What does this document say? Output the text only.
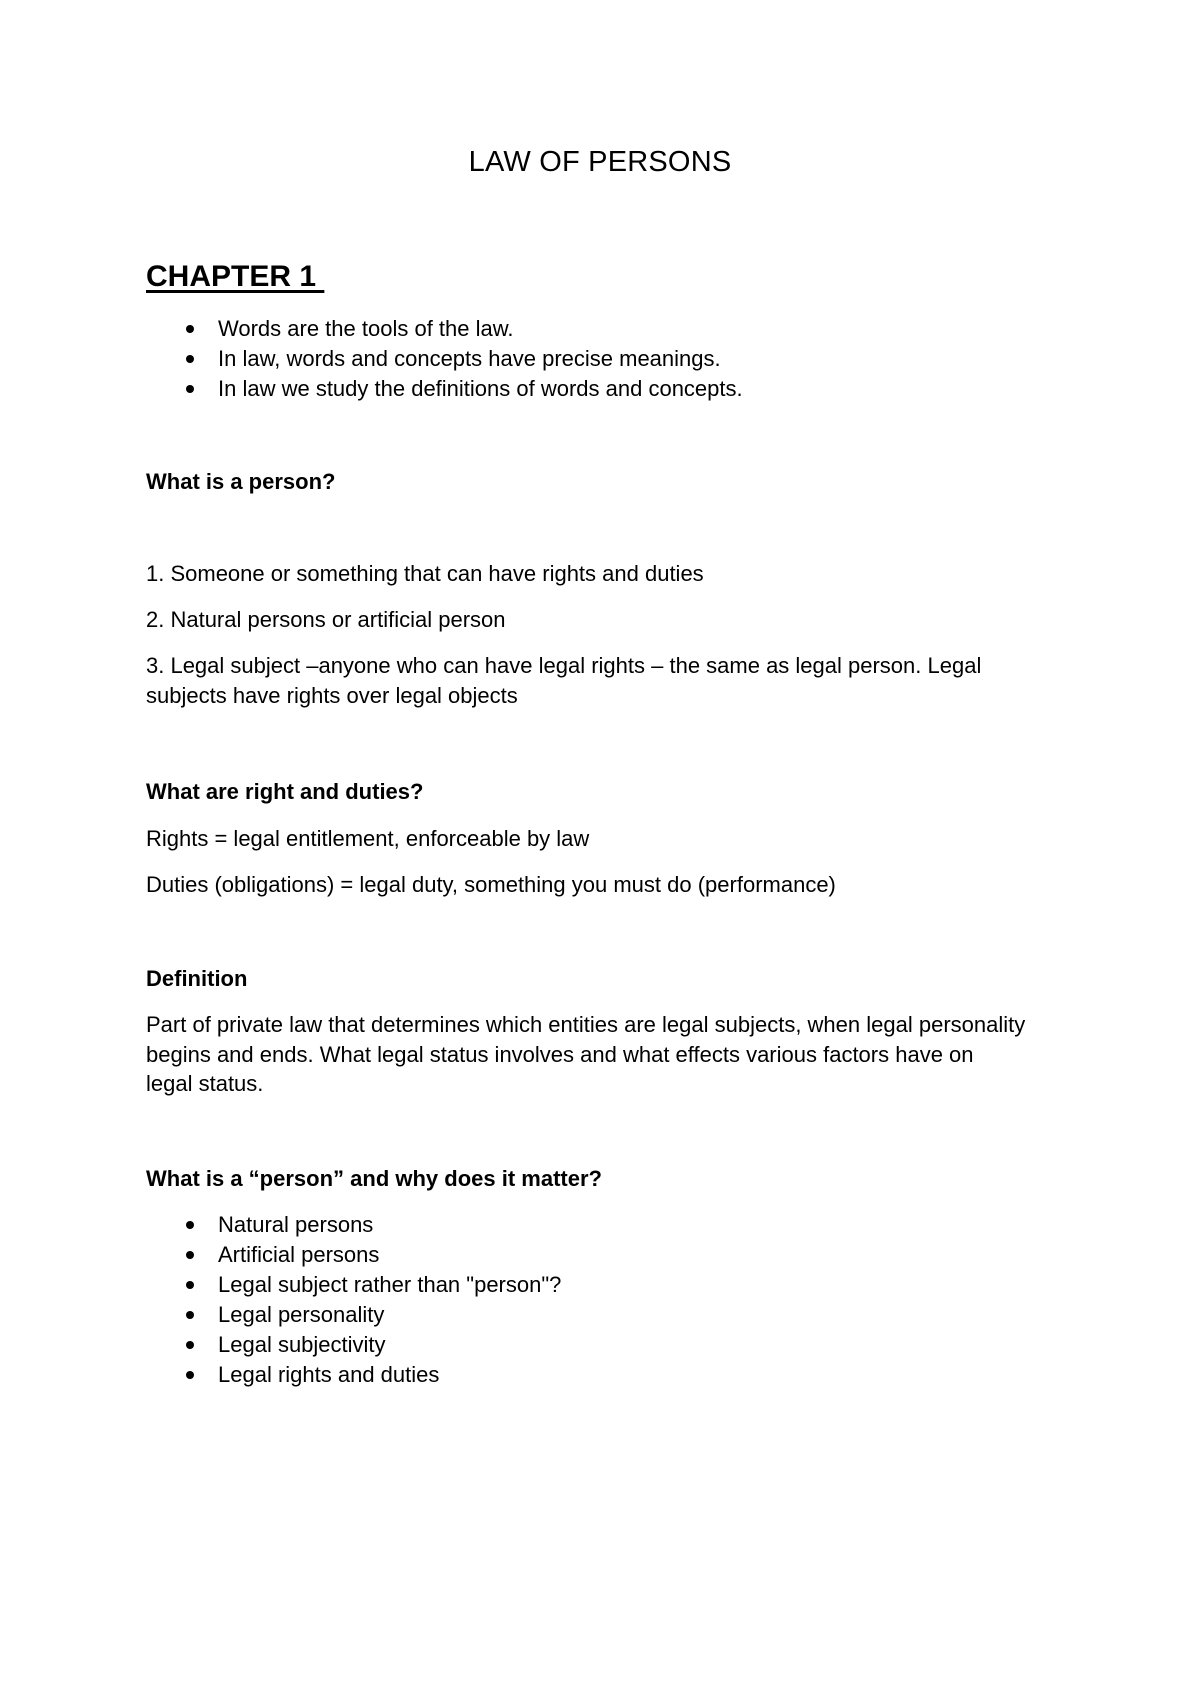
LAW OF PERSONS
CHAPTER 1
Words are the tools of the law.
In law, words and concepts have precise meanings.
In law we study the definitions of words and concepts.
What is a person?
1. Someone or something that can have rights and duties
2. Natural persons or artificial person
3. Legal subject –anyone who can have legal rights – the same as legal person. Legal subjects have rights over legal objects
What are right and duties?
Rights = legal entitlement, enforceable by law
Duties (obligations) = legal duty, something you must do (performance)
Definition
Part of private law that determines which entities are legal subjects, when legal personality begins and ends. What legal status involves and what effects various factors have on legal status.
What is a “person” and why does it matter?
Natural persons
Artificial persons
Legal subject rather than "person"?
Legal personality
Legal subjectivity
Legal rights and duties
